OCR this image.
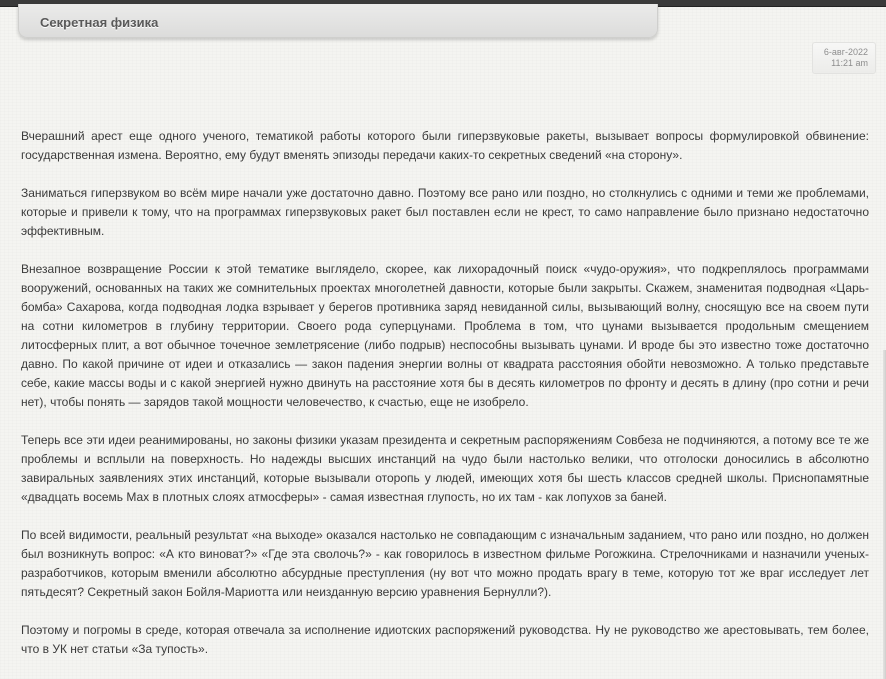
Секретная физика
6-авг-2022
11:21 am

Вчерашний арест еще одного ученого, тематикой работы которого были гиперзвуковые ракеты, вызывает вопросы формулировкой обвинение: государственная измена. Вероятно, ему будут вменять эпизоды передачи каких-то секретных сведений «на сторону».

Заниматься гиперзвуком во всём мире начали уже достаточно давно. Поэтому все рано или поздно, но столкнулись с одними и теми же проблемами, которые и привели к тому, что на программах гиперзвуковых ракет был поставлен если не крест, то само направление было признано недостаточно эффективным.

Внезапное возвращение России к этой тематике выглядело, скорее, как лихорадочный поиск «чудо-оружия», что подкреплялось программами вооружений, основанных на таких же сомнительных проектах многолетней давности, которые были закрыты. Скажем, знаменитая подводная «Царь-бомба» Сахарова, когда подводная лодка взрывает у берегов противника заряд невиданной силы, вызывающий волну, сносящую все на своем пути на сотни километров в глубину территории. Своего рода суперцунами. Проблема в том, что цунами вызывается продольным смещением литосферных плит, а вот обычное точечное землетрясение (либо подрыв) неспособны вызывать цунами. И вроде бы это известно тоже достаточно давно. По какой причине от идеи и отказались — закон падения энергии волны от квадрата расстояния обойти невозможно. А только представьте себе, какие массы воды и с какой энергией нужно двинуть на расстояние хотя бы в десять километров по фронту и десять в длину (про сотни и речи нет), чтобы понять — зарядов такой мощности человечество, к счастью, еще не изобрело.

Теперь все эти идеи реанимированы, но законы физики указам президента и секретным распоряжениям Совбеза не подчиняются, а потому все те же проблемы и всплыли на поверхность. Но надежды высших инстанций на чудо были настолько велики, что отголоски доносились в абсолютно завиральных заявлениях этих инстанций, которые вызывали оторопь у людей, имеющих хотя бы шесть классов средней школы. Приснопамятные «двадцать восемь Мах в плотных слоях атмосферы» - самая известная глупость, но их там - как лопухов за баней.

По всей видимости, реальный результат «на выходе» оказался настолько не совпадающим с изначальным заданием, что рано или поздно, но должен был возникнуть вопрос: «А кто виноват?» «Где эта сволочь?» - как говорилось в известном фильме Рогожкина. Стрелочниками и назначили ученых-разработчиков, которым вменили абсолютно абсурдные преступления (ну вот что можно продать врагу в теме, которую тот же враг исследует лет пятьдесят? Секретный закон Бойля-Мариотта или неизданную версию уравнения Бернулли?).

Поэтому и погромы в среде, которая отвечала за исполнение идиотских распоряжений руководства. Ну не руководство же арестовывать, тем более, что в УК нет статьи «За тупость».
